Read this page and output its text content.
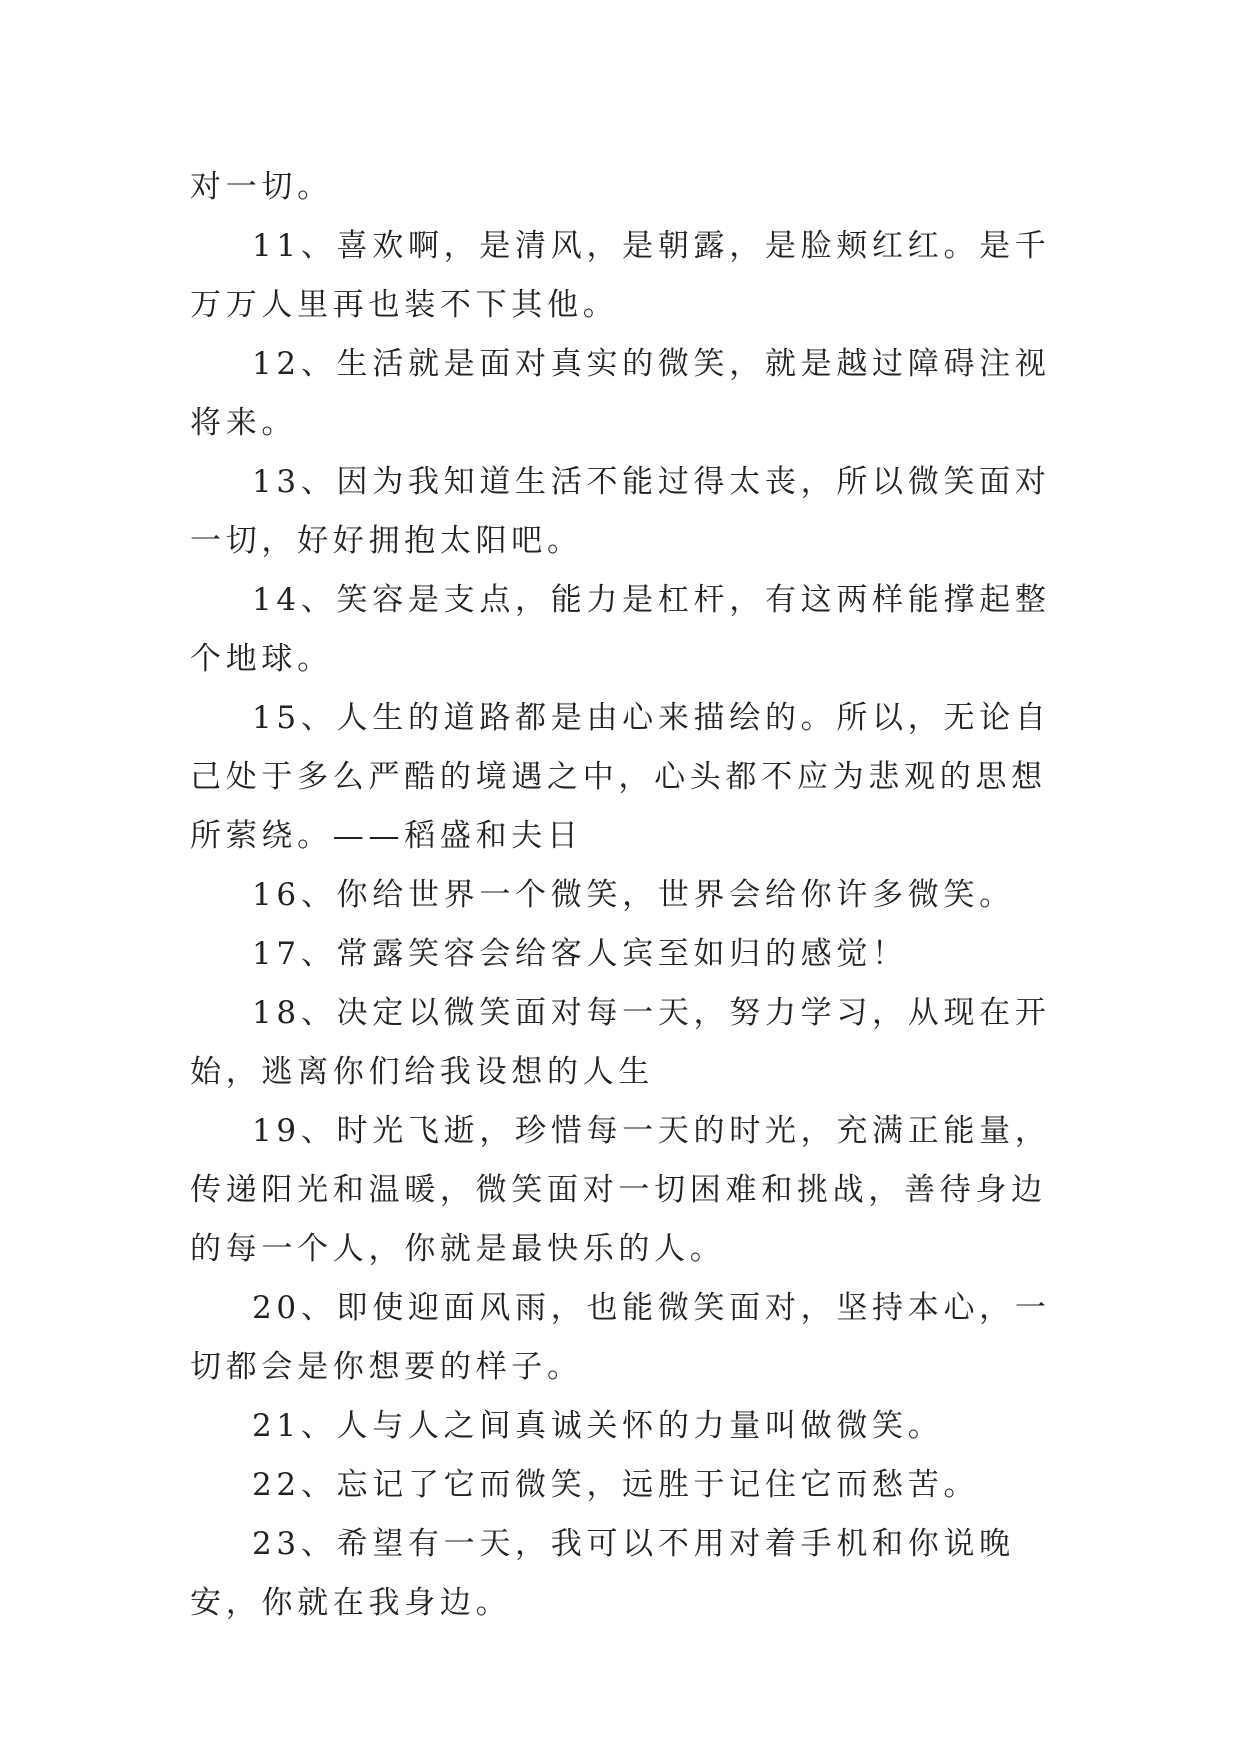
对一切。

11、喜欢啊，是清风，是朝露，是脸颊红红。是千万万人里再也装不下其他。

12、生活就是面对真实的微笑，就是越过障碍注视将来。

13、因为我知道生活不能过得太丧，所以微笑面对一切，好好拥抱太阳吧。

14、笑容是支点，能力是杠杆，有这两样能撑起整个地球。

15、人生的道路都是由心来描绘的。所以，无论自己处于多么严酷的境遇之中，心头都不应为悲观的思想所萦绕。——稻盛和夫日

16、你给世界一个微笑，世界会给你许多微笑。

17、常露笑容会给客人宾至如归的感觉！

18、决定以微笑面对每一天，努力学习，从现在开始，逃离你们给我设想的人生

19、时光飞逝，珍惜每一天的时光，充满正能量，传递阳光和温暖，微笑面对一切困难和挑战，善待身边的每一个人，你就是最快乐的人。

20、即使迎面风雨，也能微笑面对，坚持本心，一切都会是你想要的样子。

21、人与人之间真诚关怀的力量叫做微笑。

22、忘记了它而微笑，远胜于记住它而愁苦。

23、希望有一天，我可以不用对着手机和你说晚安，你就在我身边。
